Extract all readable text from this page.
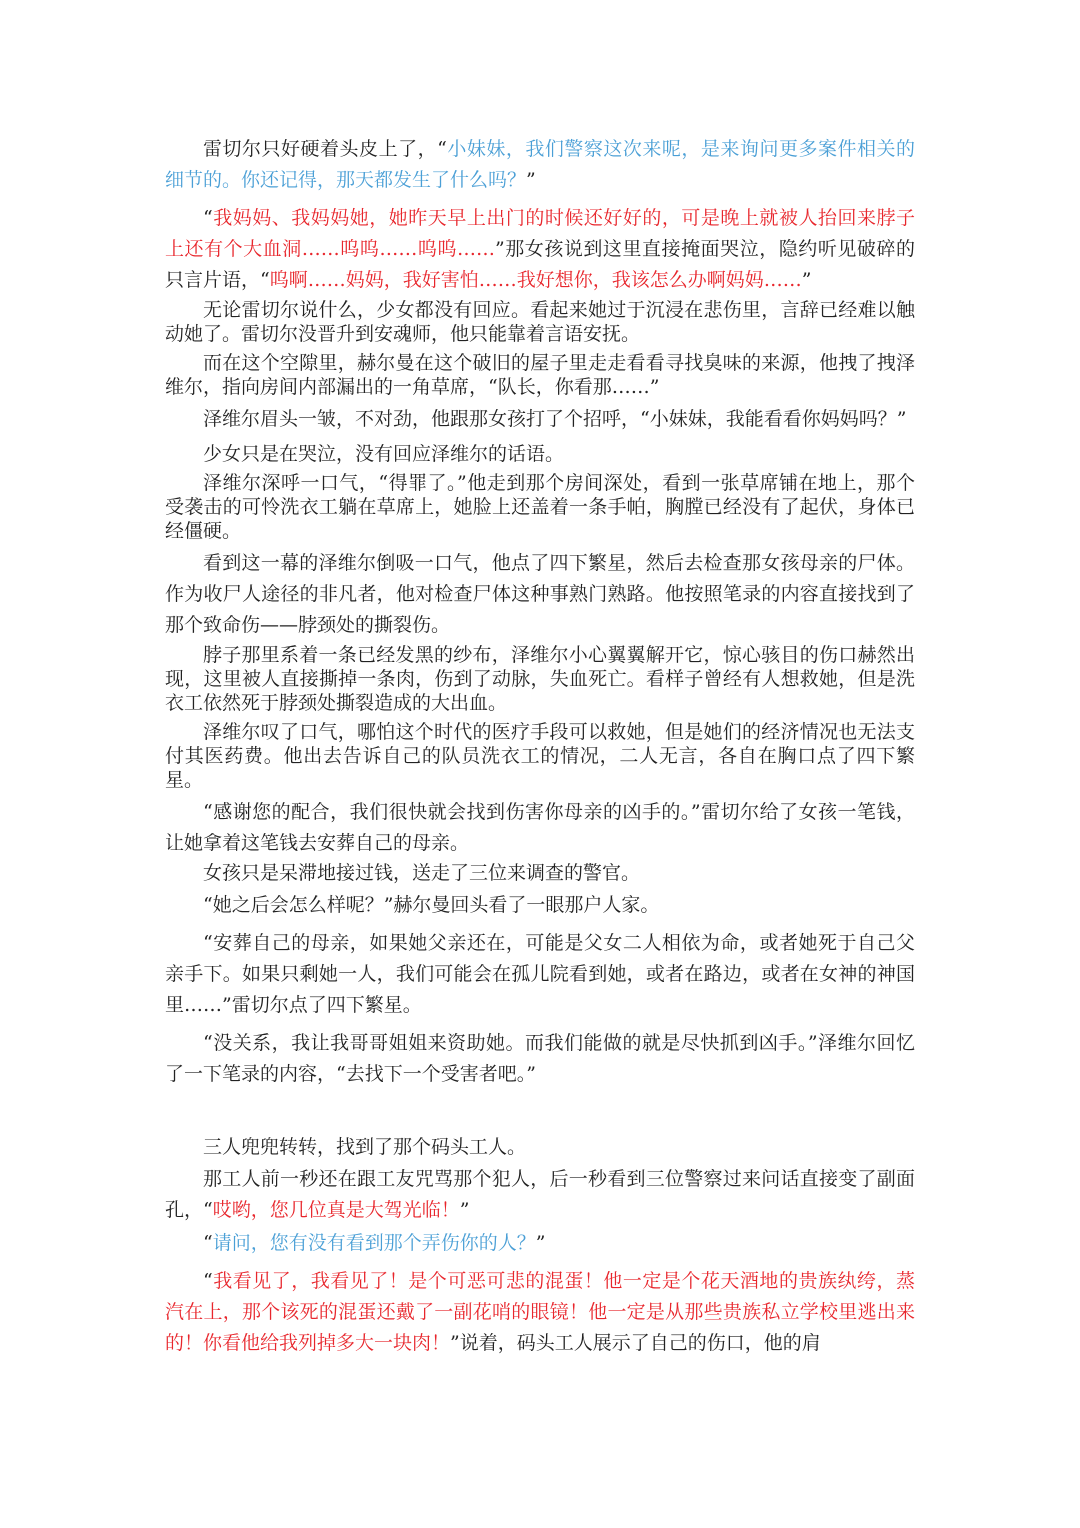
雷切尔只好硬着头皮上了，“小妹妹，我们警察这次来呢，是来询问更多案件相关的细节的。你还记得，那天都发生了什么吗？”

“我妈妈、我妈妈她，她昨天早上出门的时候还好好的，可是晚上就被人抬回来脖子上还有个大血洞……呜呜……呜呜……”那女孩说到这里直接掩面哭泣，隐约听见破碎的只言片语，“呜啊……妈妈，我好害怕……我好想你，我该怎么办啊妈妈……”

无论雷切尔说什么，少女都没有回应。看起来她过于沉浸在悲伤里，言辞已经难以触动她了。雷切尔没晋升到安魂师，他只能靠着言语安抚。

而在这个空隙里，赫尔曼在这个破旧的屋子里走走看看寻找臭味的来源，他拽了拽泽维尔，指向房间内部漏出的一角草席，“队长，你看那……”

泽维尔眉头一皱，不对劲，他跟那女孩打了个招呼，“小妹妹，我能看看你妈妈吗？”

少女只是在哭泣，没有回应泽维尔的话语。

泽维尔深呼一口气，“得罪了。”他走到那个房间深处，看到一张草席铺在地上，那个受袭击的可怜洗衣工躺在草席上，她脸上还盖着一条手帕，胸膛已经没有了起伏，身体已经僵硬。

看到这一幕的泽维尔倒吸一口气，他点了四下繁星，然后去检查那女孩母亲的尸体。作为收尸人途径的非凡者，他对检查尸体这种事熟门熟路。他按照笔录的内容直接找到了那个致命伤——脖颈处的撕裂伤。

脖子那里系着一条已经发黑的纱布，泽维尔小心翼翼解开它，惊心骇目的伤口赫然出现，这里被人直接撕掉一条肉，伤到了动脉，失血死亡。看样子曾经有人想救她，但是洗衣工依然死于脖颈处撕裂造成的大出血。

泽维尔叹了口气，哪怕这个时代的医疗手段可以救她，但是她们的经济情况也无法支付其医药费。他出去告诉自己的队员洗衣工的情况，二人无言，各自在胸口点了四下繁星。

“感谢您的配合，我们很快就会找到伤害你母亲的凶手的。”雷切尔给了女孩一笔钱，让她拿着这笔钱去安葬自己的母亲。

女孩只是呆滞地接过钱，送走了三位来调查的警官。

“她之后会怎么样呢？”赫尔曼回头看了一眼那户人家。

“安葬自己的母亲，如果她父亲还在，可能是父女二人相依为命，或者她死于自己父亲手下。如果只剩她一人，我们可能会在孤儿院看到她，或者在路边，或者在女神的神国里……”雷切尔点了四下繁星。

“没关系，我让我哥哥姐姐来资助她。而我们能做的就是尽快抓到凶手。”泽维尔回忆了一下笔录的内容，“去找下一个受害者吧。”

三人兜兜转转，找到了那个码头工人。

那工人前一秒还在跟工友咒骂那个犯人，后一秒看到三位警察过来问话直接变了副面孔，“哎哟，您几位真是大驾光临！”

“请问，您有没有看到那个弄伤你的人？”

“我看见了，我看见了！是个可恶可悲的混蛋！他一定是个花天酒地的贵族纨绔，蒸汽在上，那个该死的混蛋还戴了一副花哨的眼镜！他一定是从那些贵族私立学校里逃出来的！你看他给我列掉多大一块肉！”说着，码头工人展示了自己的伤口，他的肩
